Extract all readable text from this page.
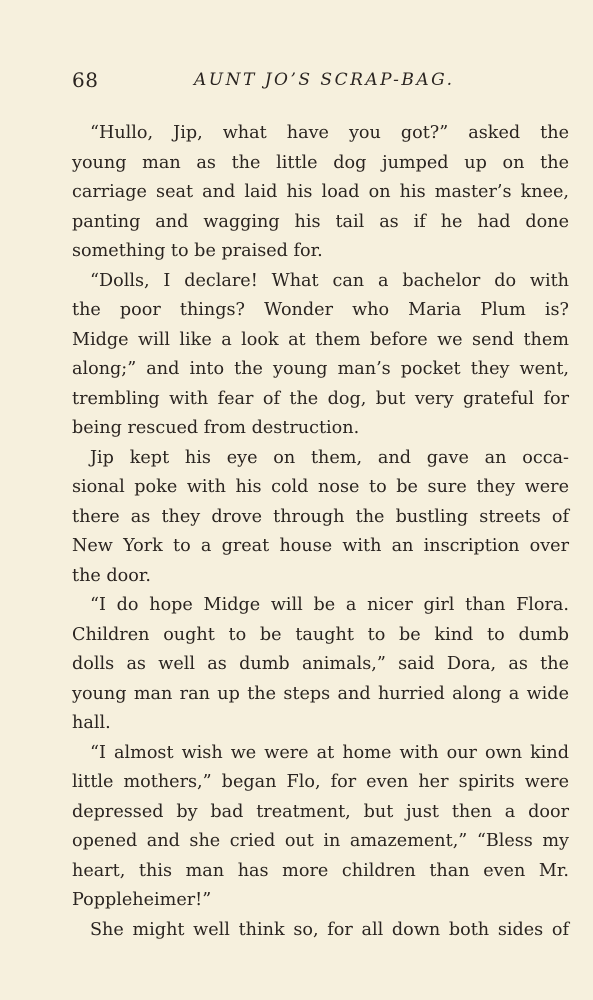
68	AUNT JO’S SCRAP-BAG.
“Hullo, Jip, what have you got?” asked the
young man as the little dog jumped up on the
carriage seat and laid his load on his master’s knee,
panting and wagging his tail as if he had done
something to be praised for.
“Dolls, I declare! What can a bachelor do with
the poor things? Wonder who Maria Plum is?
Midge will like a look at them before we send them
along;” and into the young man’s pocket they went,
trembling with fear of the dog, but very grateful for
being rescued from destruction.
Jip kept his eye on them, and gave an occa-
sional poke with his cold nose to be sure they were
there as they drove through the bustling streets of
New York to a great house with an inscription over
the door.
“I do hope Midge will be a nicer girl than Flora.
Children ought to be taught to be kind to dumb
dolls as well as dumb animals,” said Dora, as the
young man ran up the steps and hurried along a wide
hall.
“I almost wish we were at home with our own kind
little mothers,” began Flo, for even her spirits were
depressed by bad treatment, but just then a door
opened and she cried out in amazement,” “Bless my
heart, this man has more children than even Mr.
Poppleheimer!”
She might well think so, for all down both sides of
